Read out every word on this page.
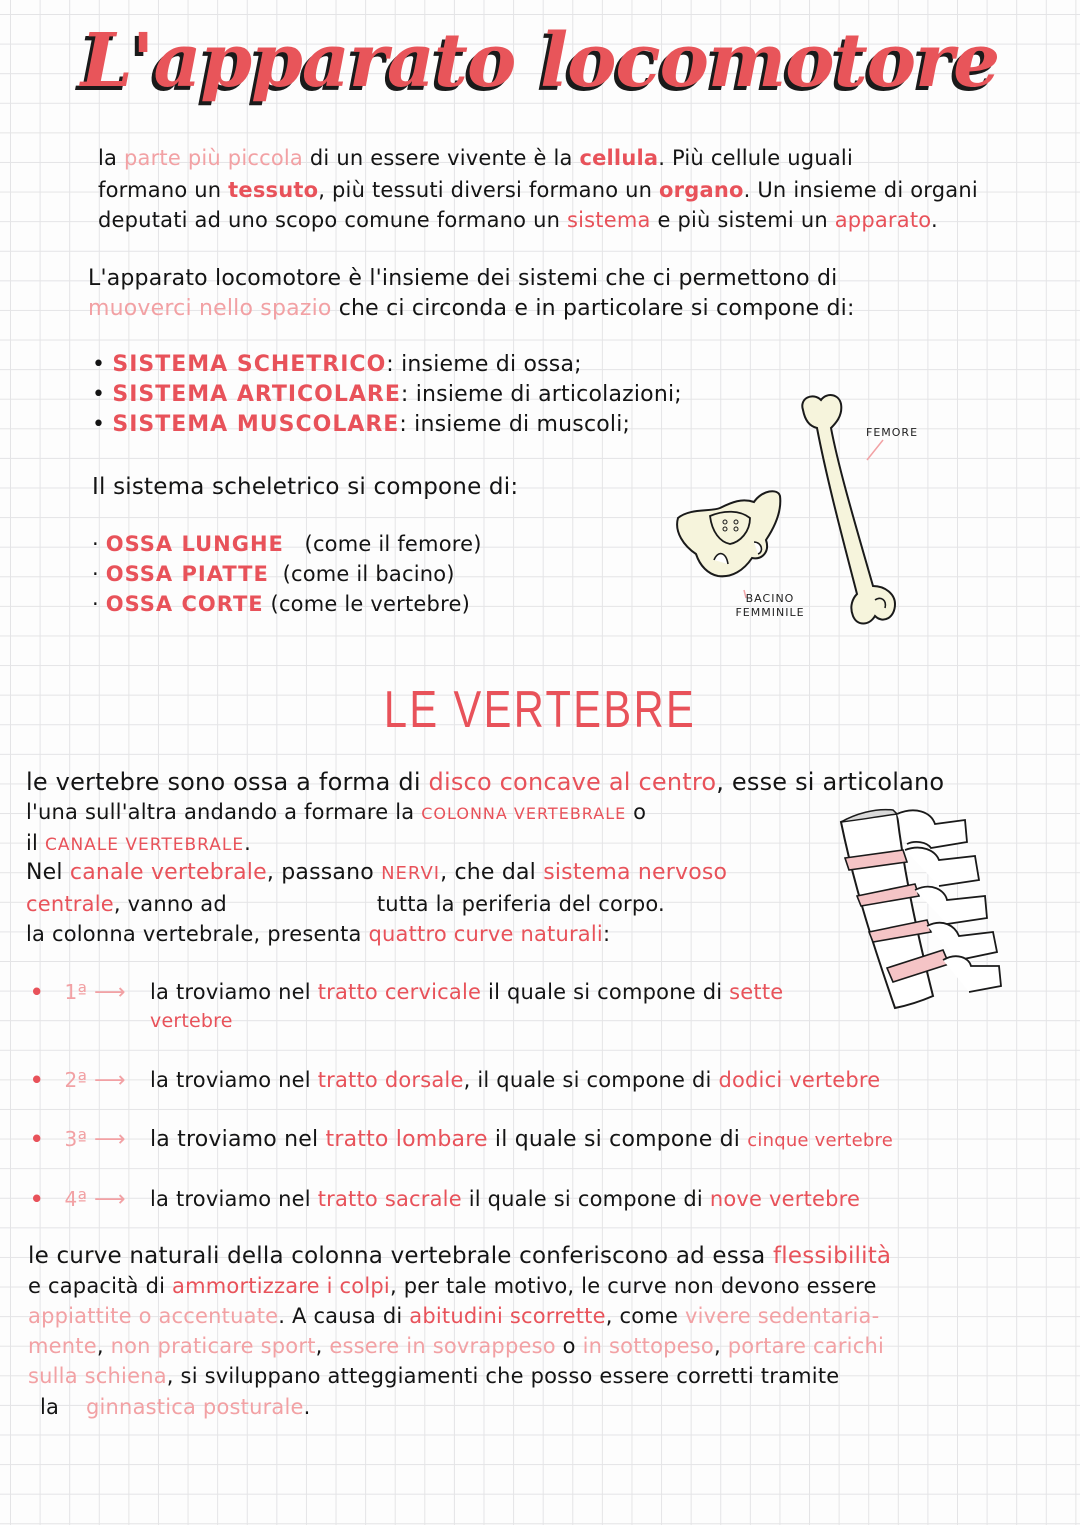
L'apparato locomotore
la parte più piccola di un essere vivente è la cellula. Più cellule uguali
formano un tessuto, più tessuti diversi formano un organo. Un insieme di organi
deputati ad uno scopo comune formano un sistema e più sistemi un apparato.
L'apparato locomotore è l'insieme dei sistemi che ci permettono di
muoverci nello spazio che ci circonda e in particolare si compone di:
• SISTEMA SCHETRICO: insieme di ossa;
• SISTEMA ARTICOLARE: insieme di articolazioni;
• SISTEMA MUSCOLARE: insieme di muscoli;
Il sistema scheletrico si compone di:
· OSSA LUNGHE (come il femore)
· OSSA PIATTE (come il bacino)
· OSSA CORTE (come le vertebre)	BACINO
FEMMINILE
FEMORE
LE VERTEBRE
le vertebre sono ossa a forma di disco concave al centro, esse si articolano
l'una sull'altra andando a formare la COLONNA VERTEBRALE o
il CANALE VERTEBRALE.
Nel canale vertebrale, passano NERVI, che dal sistema nervoso
centrale, vanno ad	tutta la periferia del corpo.
la colonna vertebrale, presenta quattro curve naturali:
• 1ª ⟶ la troviamo nel tratto cervicale il quale si compone di sette
vertebre
• 2ª ⟶ la troviamo nel tratto dorsale, il quale si compone di dodici vertebre
• 3ª ⟶ la troviamo nel tratto lombare il quale si compone di cinque vertebre
• 4ª ⟶ la troviamo nel tratto sacrale il quale si compone di nove vertebre
le curve naturali della colonna vertebrale conferiscono ad essa flessibilità
e capacità di ammortizzare i colpi, per tale motivo, le curve non devono essere
appiattite o accentuate. A causa di abitudini scorrette, come vivere sedentaria-
mente, non praticare sport, essere in sovrappeso o in sottopeso, portare carichi
sulla schiena, si sviluppano atteggiamenti che posso essere corretti tramite
la ginnastica posturale.
